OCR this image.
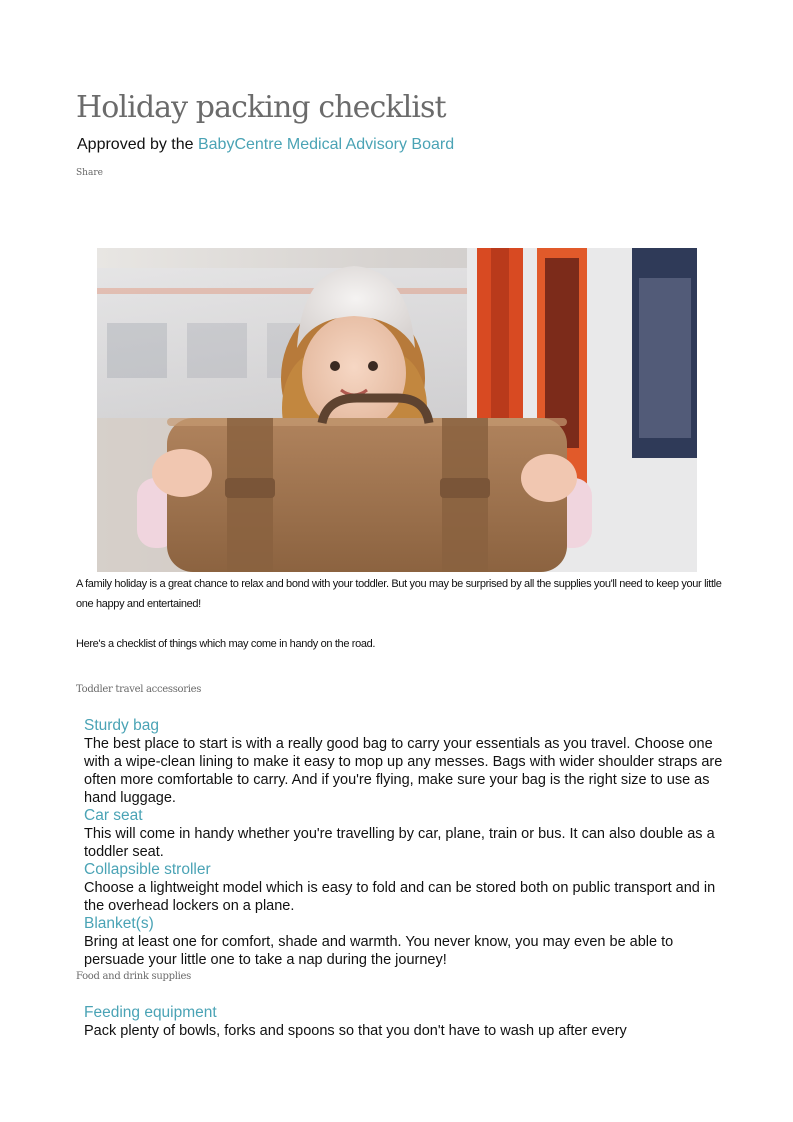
Holiday packing checklist
Approved by the BabyCentre Medical Advisory Board
Share

A family holiday is a great chance to relax and bond with your toddler. But you may be surprised by all the supplies you'll need to keep your little one happy and entertained!

Here's a checklist of things which may come in handy on the road.

Toddler travel accessories

Sturdy bag

The best place to start is with a really good bag to carry your essentials as you travel. Choose one with a wipe-clean lining to make it easy to mop up any messes. Bags with wider shoulder straps are often more comfortable to carry. And if you're flying, make sure your bag is the right size to use as hand luggage.

Car seat

This will come in handy whether you're travelling by car, plane, train or bus. It can also double as a toddler seat.

Collapsible stroller

Choose a lightweight model which is easy to fold and can be stored both on public transport and in the overhead lockers on a plane.

Blanket(s)

Bring at least one for comfort, shade and warmth. You never know, you may even be able to persuade your little one to take a nap during the journey!

Food and drink supplies

Feeding equipment

Pack plenty of bowls, forks and spoons so that you don't have to wash up after every
